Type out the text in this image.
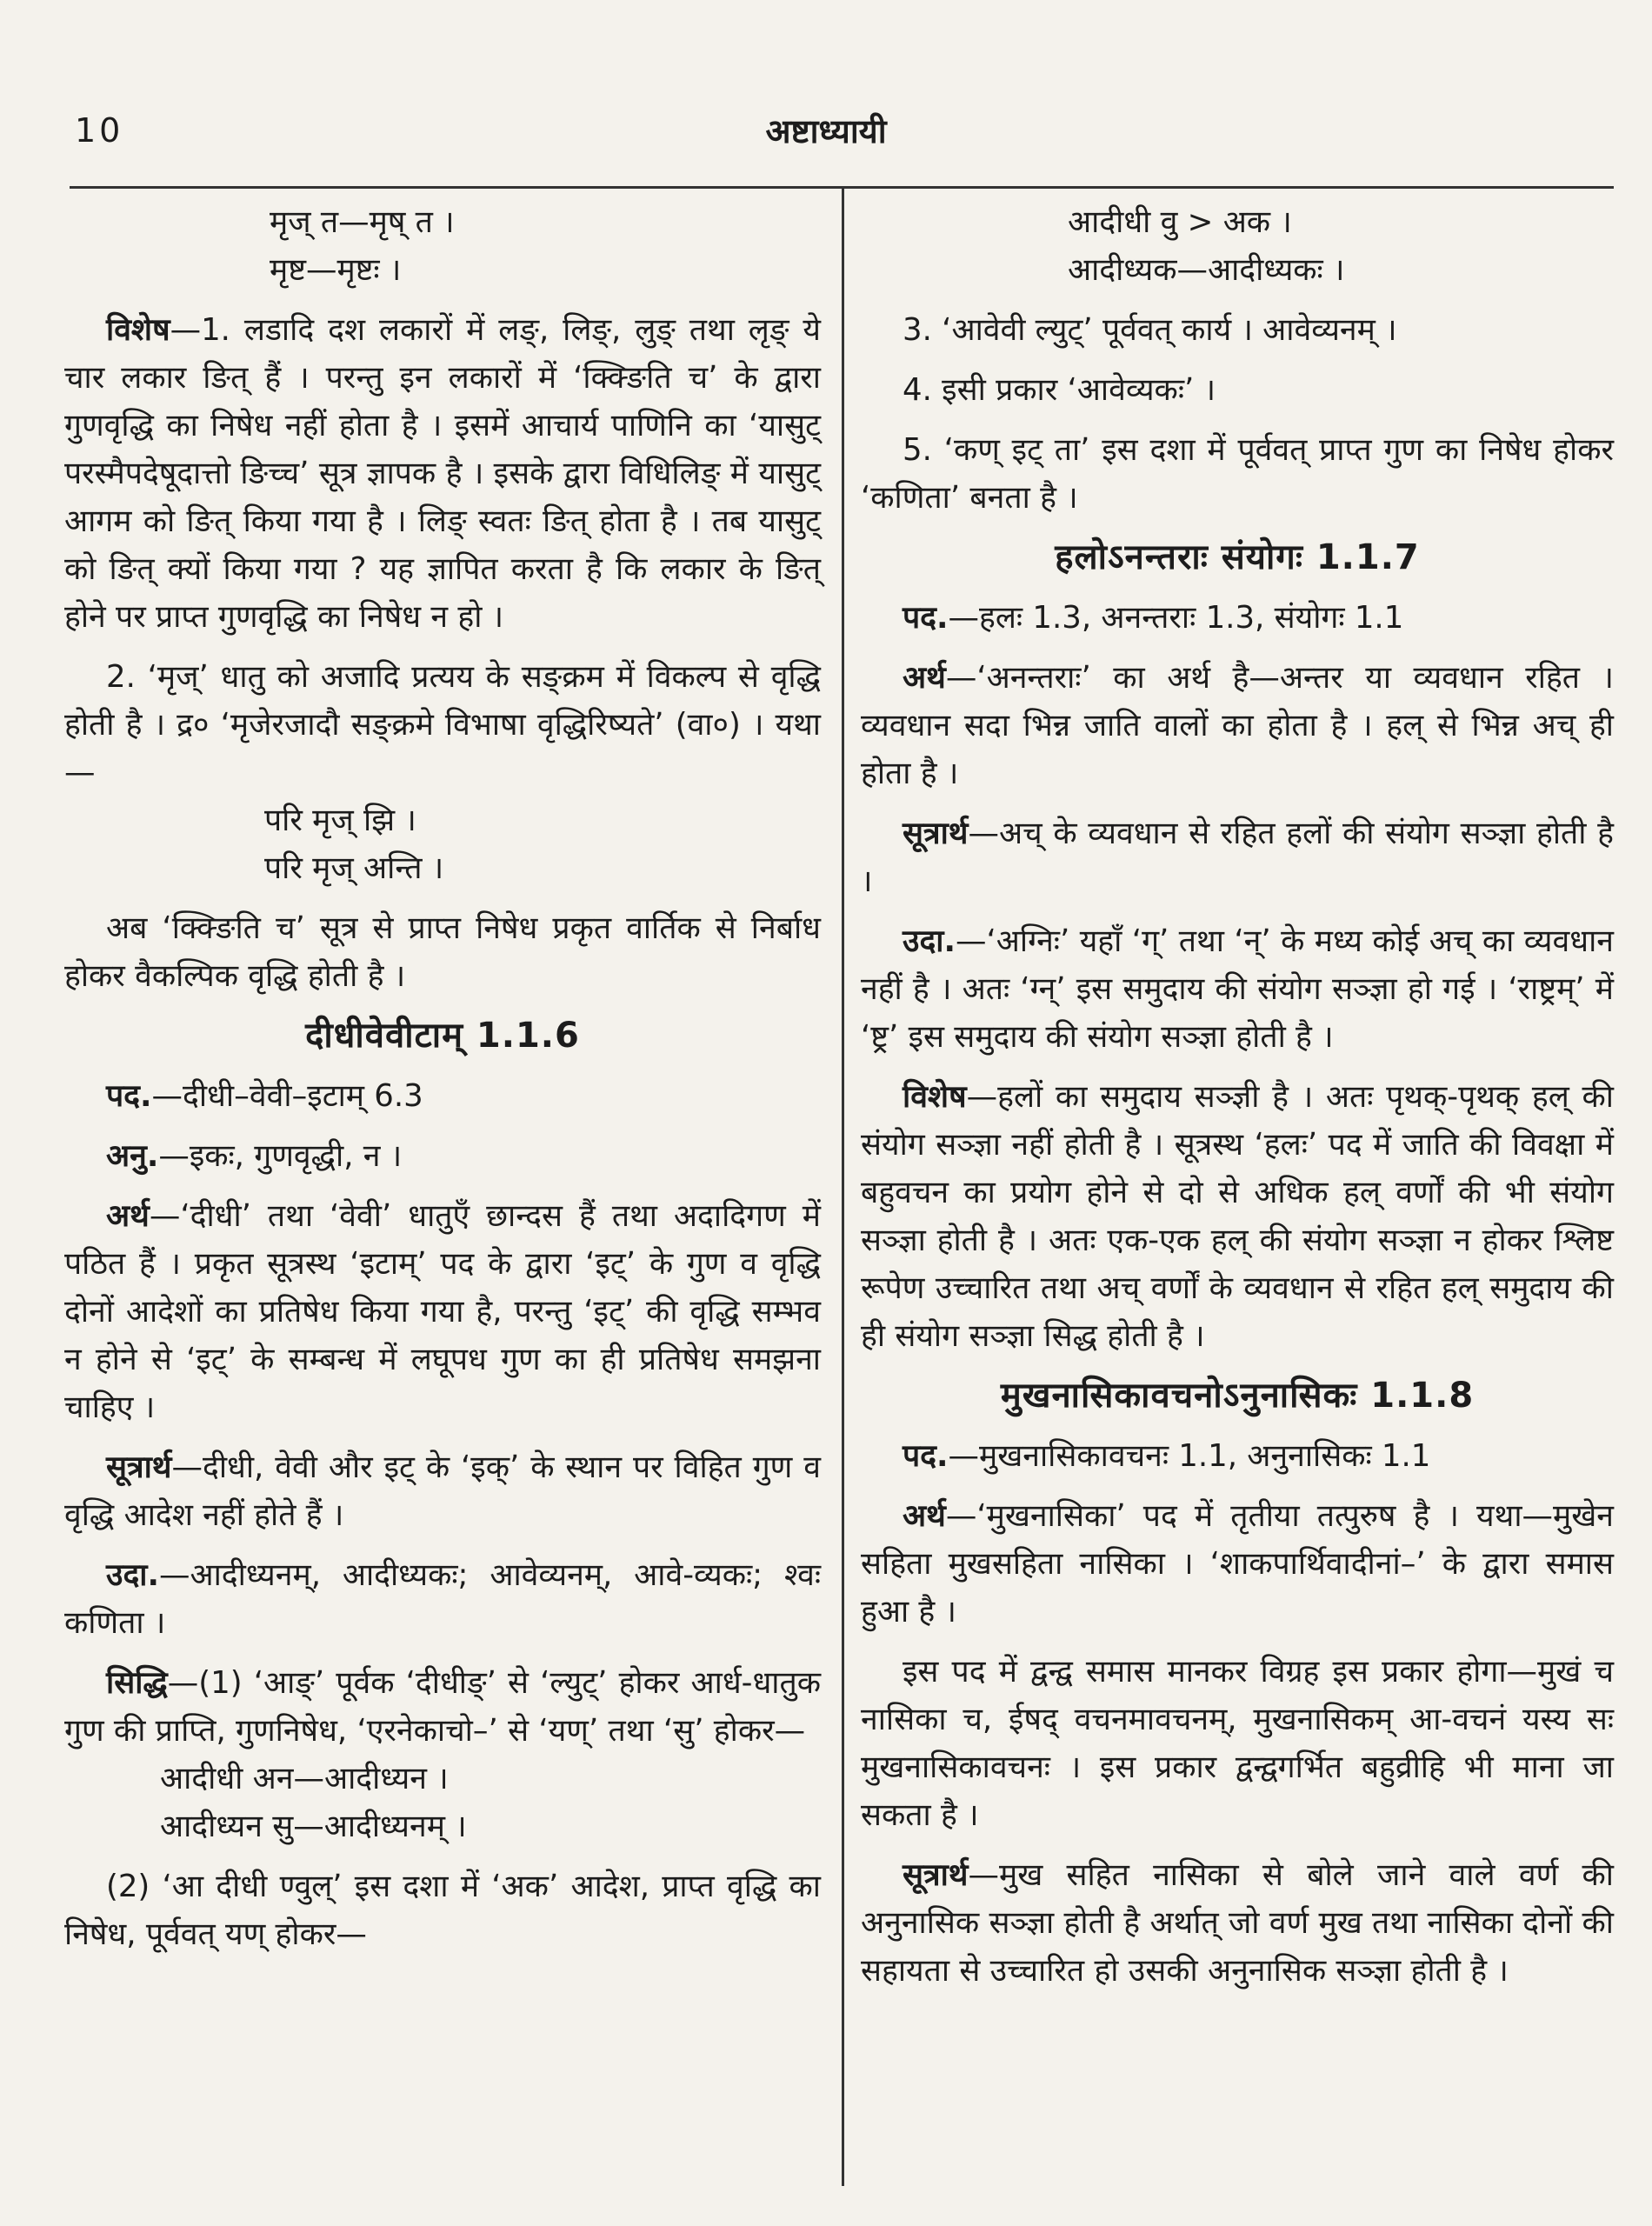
10	अष्टाध्यायी
मृज् त—मृष् त ।
मृष्ट—मृष्टः ।

विशेष—1. लडादि दश लकारों में लङ्, लिङ्, लुङ् तथा लृङ् ये चार लकार ङित् हैं । परन्तु इन लकारों में ‘क्क्ङिति च’ के द्वारा गुणवृद्धि का निषेध नहीं होता है । इसमें आचार्य पाणिनि का ‘यासुट् परस्मैपदेषूदात्तो ङिच्च’ सूत्र ज्ञापक है । इसके द्वारा विधिलिङ् में यासुट् आगम को ङित् किया गया है । लिङ् स्वतः ङित् होता है । तब यासुट् को ङित् क्यों किया गया ? यह ज्ञापित करता है कि लकार के ङित् होने पर प्राप्त गुणवृद्धि का निषेध न हो ।

2. ‘मृज्’ धातु को अजादि प्रत्यय के सङ्क्रम में विकल्प से वृद्धि होती है । द्र० ‘मृजेरजादौ सङ्क्रमे विभाषा वृद्धिरिष्यते’ (वा०) । यथा—

परि मृज् झि ।
परि मृज् अन्ति ।

अब ‘क्क्ङिति च’ सूत्र से प्राप्त निषेध प्रकृत वार्तिक से निर्बाध होकर वैकल्पिक वृद्धि होती है ।

दीधीवेवीटाम् 1.1.6

पद.—दीधी–वेवी–इटाम् 6.3

अनु.—इकः, गुणवृद्धी, न ।

अर्थ—‘दीधी’ तथा ‘वेवी’ धातुएँ छान्दस हैं तथा अदादिगण में पठित हैं । प्रकृत सूत्रस्थ ‘इटाम्’ पद के द्वारा ‘इट्’ के गुण व वृद्धि दोनों आदेशों का प्रतिषेध किया गया है, परन्तु ‘इट्’ की वृद्धि सम्भव न होने से ‘इट्’ के सम्बन्ध में लघूपध गुण का ही प्रतिषेध समझना चाहिए ।

सूत्रार्थ—दीधी, वेवी और इट् के ‘इक्’ के स्थान पर विहित गुण व वृद्धि आदेश नहीं होते हैं ।

उदा.—आदीध्यनम्, आदीध्यकः; आवेव्यनम्, आवे-व्यकः; श्वः कणिता ।

सिद्धि—(1) ‘आङ्’ पूर्वक ‘दीधीङ्’ से ‘ल्युट्’ होकर आर्ध-धातुक गुण की प्राप्ति, गुणनिषेध, ‘एरनेकाचो–’ से ‘यण्’ तथा ‘सु’ होकर—

आदीधी अन—आदीध्यन ।
आदीध्यन सु—आदीध्यनम् ।

(2) ‘आ दीधी ण्वुल्’ इस दशा में ‘अक’ आदेश, प्राप्त वृद्धि का निषेध, पूर्ववत् यण् होकर—

आदीधी वु > अक ।
आदीध्यक—आदीध्यकः ।

3. ‘आवेवी ल्युट्’ पूर्ववत् कार्य । आवेव्यनम् ।

4. इसी प्रकार ‘आवेव्यकः’ ।

5. ‘कण् इट् ता’ इस दशा में पूर्ववत् प्राप्त गुण का निषेध होकर ‘कणिता’ बनता है ।

हलोऽनन्तराः संयोगः 1.1.7

पद.—हलः 1.3, अनन्तराः 1.3, संयोगः 1.1

अर्थ—‘अनन्तराः’ का अर्थ है—अन्तर या व्यवधान रहित । व्यवधान सदा भिन्न जाति वालों का होता है । हल् से भिन्न अच् ही होता है ।

सूत्रार्थ—अच् के व्यवधान से रहित हलों की संयोग सञ्ज्ञा होती है ।

उदा.—‘अग्निः’ यहाँ ‘ग्’ तथा ‘न्’ के मध्य कोई अच् का व्यवधान नहीं है । अतः ‘ग्न्’ इस समुदाय की संयोग सञ्ज्ञा हो गई । ‘राष्ट्रम्’ में ‘ष्ट्र’ इस समुदाय की संयोग सञ्ज्ञा होती है ।

विशेष—हलों का समुदाय सञ्ज्ञी है । अतः पृथक्-पृथक् हल् की संयोग सञ्ज्ञा नहीं होती है । सूत्रस्थ ‘हलः’ पद में जाति की विवक्षा में बहुवचन का प्रयोग होने से दो से अधिक हल् वर्णों की भी संयोग सञ्ज्ञा होती है । अतः एक-एक हल् की संयोग सञ्ज्ञा न होकर श्लिष्ट रूपेण उच्चारित तथा अच् वर्णों के व्यवधान से रहित हल् समुदाय की ही संयोग सञ्ज्ञा सिद्ध होती है ।

मुखनासिकावचनोऽनुनासिकः 1.1.8

पद.—मुखनासिकावचनः 1.1, अनुनासिकः 1.1

अर्थ—‘मुखनासिका’ पद में तृतीया तत्पुरुष है । यथा—मुखेन सहिता मुखसहिता नासिका । ‘शाकपार्थिवादीनां–’ के द्वारा समास हुआ है ।

इस पद में द्वन्द्व समास मानकर विग्रह इस प्रकार होगा—मुखं च नासिका च, ईषद् वचनमावचनम्, मुखनासिकम् आ-वचनं यस्य सः मुखनासिकावचनः । इस प्रकार द्वन्द्वगर्भित बहुव्रीहि भी माना जा सकता है ।

सूत्रार्थ—मुख सहित नासिका से बोले जाने वाले वर्ण की अनुनासिक सञ्ज्ञा होती है अर्थात् जो वर्ण मुख तथा नासिका दोनों की सहायता से उच्चारित हो उसकी अनुनासिक सञ्ज्ञा होती है ।
